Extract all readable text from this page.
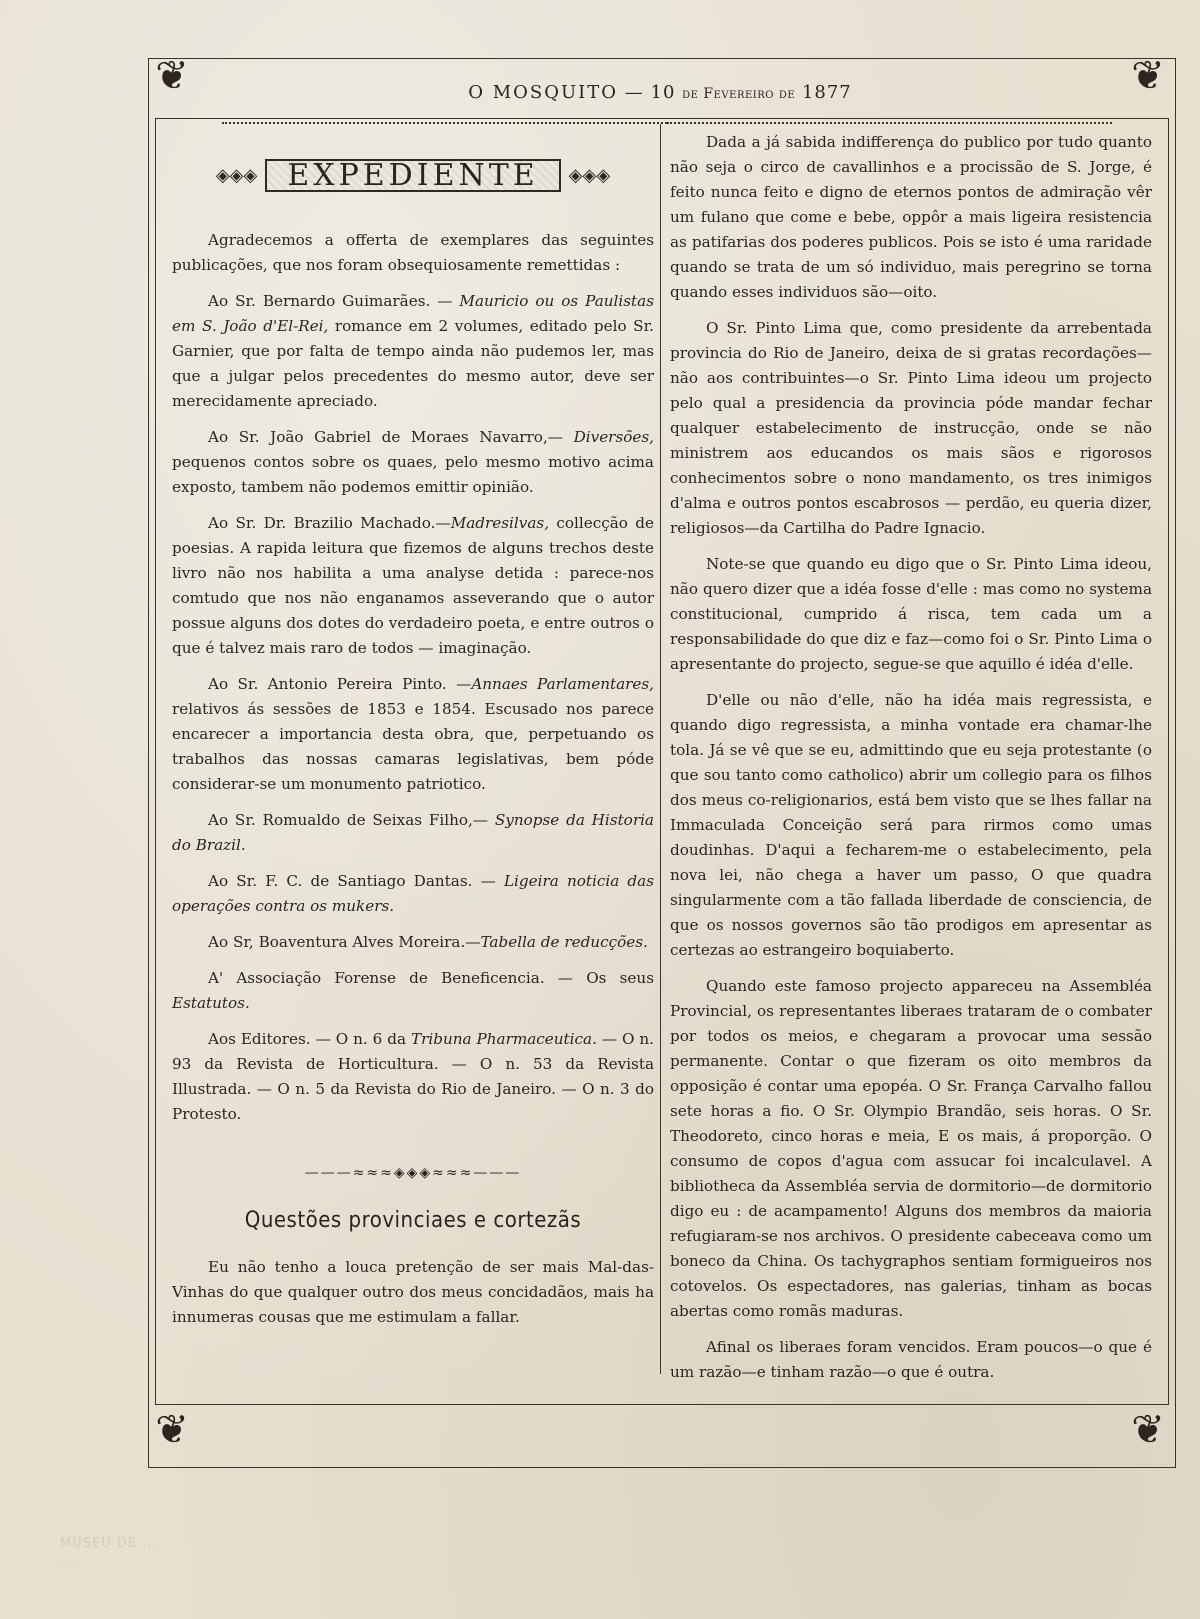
❦	❦
❦	❦
O MOSQUITO — 10 de Fevereiro de 1877
◈◈◈	EXPEDIENTE	◈◈◈

Agradecemos a offerta de exemplares das seguintes publicações, que nos foram obsequiosamente remettidas :

Ao Sr. Bernardo Guimarães. — Mauricio ou os Paulistas em S. João d'El-Rei, romance em 2 volumes, editado pelo Sr. Garnier, que por falta de tempo ainda não pudemos ler, mas que a julgar pelos precedentes do mesmo autor, deve ser merecidamente apreciado.

Ao Sr. João Gabriel de Moraes Navarro,— Diversões, pequenos contos sobre os quaes, pelo mesmo motivo acima exposto, tambem não podemos emittir opinião.

Ao Sr. Dr. Brazilio Machado.—Madresilvas, collecção de poesias. A rapida leitura que fizemos de alguns trechos deste livro não nos habilita a uma analyse detida : parece-nos comtudo que nos não enganamos asseverando que o autor possue alguns dos dotes do verdadeiro poeta, e entre outros o que é talvez mais raro de todos — imaginação.

Ao Sr. Antonio Pereira Pinto. —Annaes Parlamentares, relativos ás sessões de 1853 e 1854. Escusado nos parece encarecer a importancia desta obra, que, perpetuando os trabalhos das nossas camaras legislativas, bem póde considerar-se um monumento patriotico.

Ao Sr. Romualdo de Seixas Filho,— Synopse da Historia do Brazil.

Ao Sr. F. C. de Santiago Dantas. — Ligeira noticia das operações contra os mukers.

Ao Sr, Boaventura Alves Moreira.—Tabella de reducções.

A' Associação Forense de Beneficencia. — Os seus Estatutos.

Aos Editores. — O n. 6 da Tribuna Pharmaceutica. — O n. 93 da Revista de Horticultura. — O n. 53 da Revista Illustrada. — O n. 5 da Revista do Rio de Janeiro. — O n. 3 do Protesto.

———≈≈≈◈◈◈≈≈≈———
Questões provinciaes e cortezãs

Eu não tenho a louca pretenção de ser mais Mal-das-Vinhas do que qualquer outro dos meus concidadãos, mais ha innumeras cousas que me estimulam a fallar.

Dada a já sabida indifferença do publico por tudo quanto não seja o circo de cavallinhos e a procissão de S. Jorge, é feito nunca feito e digno de eternos pontos de admiração vêr um fulano que come e bebe, oppôr a mais ligeira resistencia as patifarias dos poderes publicos. Pois se isto é uma raridade quando se trata de um só individuo, mais peregrino se torna quando esses individuos são—oito.

O Sr. Pinto Lima que, como presidente da arrebentada provincia do Rio de Janeiro, deixa de si gratas recordações—não aos contribuintes—o Sr. Pinto Lima ideou um projecto pelo qual a presidencia da provincia póde mandar fechar qualquer estabelecimento de instrucção, onde se não ministrem aos educandos os mais sãos e rigorosos conhecimentos sobre o nono mandamento, os tres inimigos d'alma e outros pontos escabrosos — perdão, eu queria dizer, religiosos—da Cartilha do Padre Ignacio.

Note-se que quando eu digo que o Sr. Pinto Lima ideou, não quero dizer que a idéa fosse d'elle : mas como no systema constitucional, cumprido á risca, tem cada um a responsabilidade do que diz e faz—como foi o Sr. Pinto Lima o apresentante do projecto, segue-se que aquillo é idéa d'elle.

D'elle ou não d'elle, não ha idéa mais regressista, e quando digo regressista, a minha vontade era chamar-lhe tola. Já se vê que se eu, admittindo que eu seja protestante (o que sou tanto como catholico) abrir um collegio para os filhos dos meus co-religionarios, está bem visto que se lhes fallar na Immaculada Conceição será para rirmos como umas doudinhas. D'aqui a fecharem-me o estabelecimento, pela nova lei, não chega a haver um passo, O que quadra singularmente com a tão fallada liberdade de consciencia, de que os nossos governos são tão prodigos em apresentar as certezas ao estrangeiro boquiaberto.

Quando este famoso projecto appareceu na Assembléa Provincial, os representantes liberaes trataram de o combater por todos os meios, e chegaram a provocar uma sessão permanente. Contar o que fizeram os oito membros da opposição é contar uma epopéa. O Sr. França Carvalho fallou sete horas a fio. O Sr. Olympio Brandão, seis horas. O Sr. Theodoreto, cinco horas e meia, E os mais, á proporção. O consumo de copos d'agua com assucar foi incalculavel. A bibliotheca da Assembléa servia de dormitorio—de dormitorio digo eu : de acampamento! Alguns dos membros da maioria refugiaram-se nos archivos. O presidente cabeceava como um boneco da China. Os tachygraphos sentiam formigueiros nos cotovelos. Os espectadores, nas galerias, tinham as bocas abertas como romãs maduras.

Afinal os liberaes foram vencidos. Eram poucos—o que é um razão—e tinham razão—o que é outra.

MUSEU DE ...
...
